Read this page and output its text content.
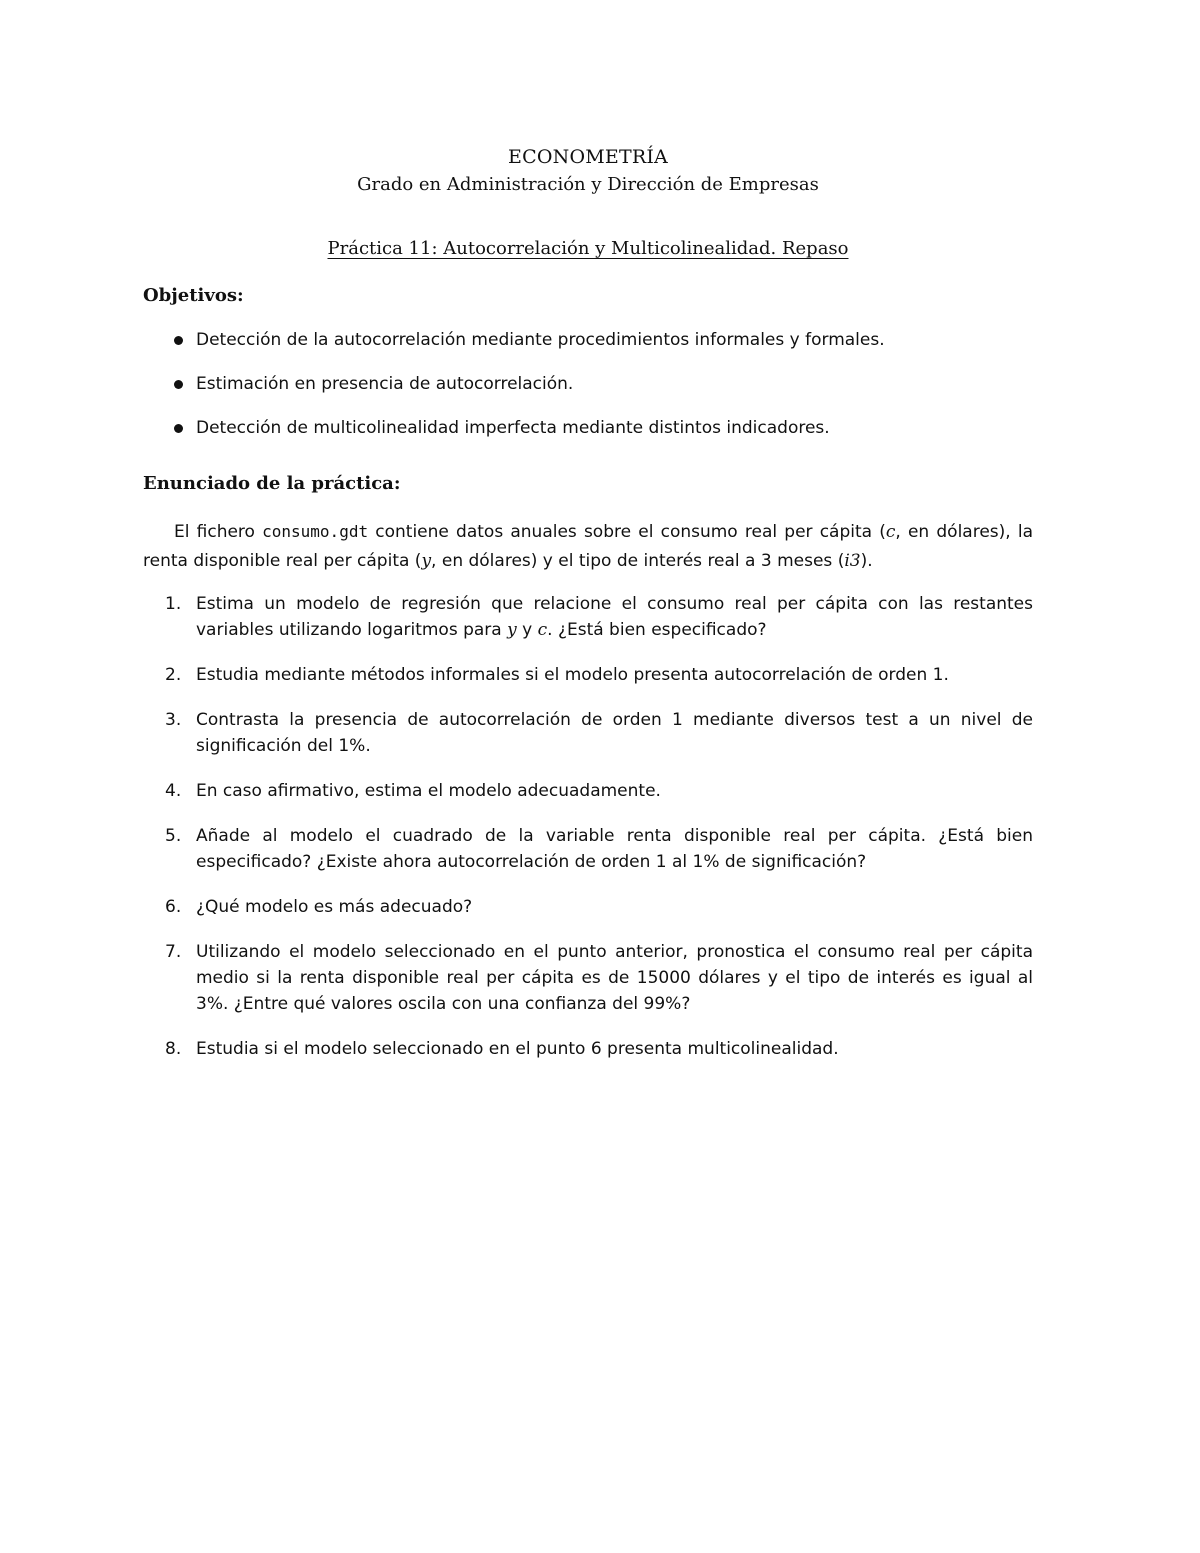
ECONOMETRÍA
Grado en Administración y Dirección de Empresas
Práctica 11: Autocorrelación y Multicolinealidad. Repaso
Objetivos:
Detección de la autocorrelación mediante procedimientos informales y formales.
Estimación en presencia de autocorrelación.
Detección de multicolinealidad imperfecta mediante distintos indicadores.
Enunciado de la práctica:

El fichero consumo.gdt contiene datos anuales sobre el consumo real per cápita (c, en dólares), la renta disponible real per cápita (y, en dólares) y el tipo de interés real a 3 meses (i3).

1. Estima un modelo de regresión que relacione el consumo real per cápita con las restantes variables utilizando logaritmos para y y c. ¿Está bien especificado?
2. Estudia mediante métodos informales si el modelo presenta autocorrelación de orden 1.
3. Contrasta la presencia de autocorrelación de orden 1 mediante diversos test a un nivel de significación del 1%.
4. En caso afirmativo, estima el modelo adecuadamente.
5. Añade al modelo el cuadrado de la variable renta disponible real per cápita. ¿Está bien especificado? ¿Existe ahora autocorrelación de orden 1 al 1% de significación?
6. ¿Qué modelo es más adecuado?
7. Utilizando el modelo seleccionado en el punto anterior, pronostica el consumo real per cápita medio si la renta disponible real per cápita es de 15000 dólares y el tipo de interés es igual al 3%. ¿Entre qué valores oscila con una confianza del 99%?
8. Estudia si el modelo seleccionado en el punto 6 presenta multicolinealidad.
